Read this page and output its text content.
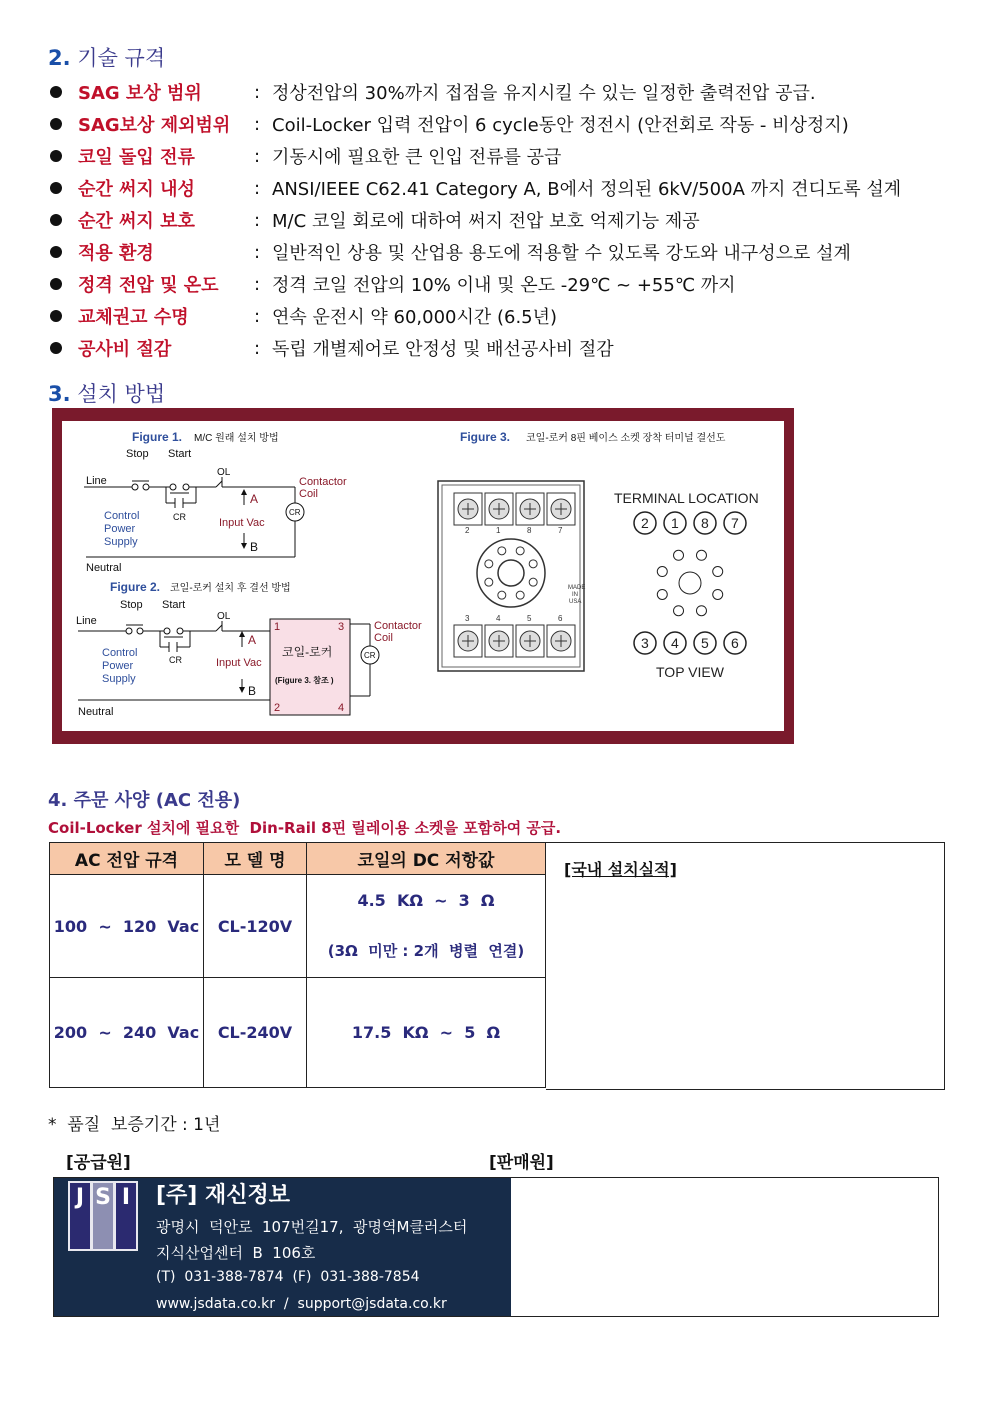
2. 기술 규격
SAG 보상 범위	: 정상전압의 30%까지 접점을 유지시킬 수 있는 일정한 출력전압 공급.
SAG보상 제외범위	: Coil-Locker 입력 전압이 6 cycle동안 정전시 (안전회로 작동 - 비상정지)
코일 돌입 전류	: 기동시에 필요한 큰 인입 전류를 공급
순간 써지 내성	: ANSI/IEEE C62.41 Category A, B에서 정의된 6kV/500A 까지 견디도록 설계
순간 써지 보호	: M/C 코일 회로에 대하여 써지 전압 보호 억제기능 제공
적용 환경	: 일반적인 상용 및 산업용 용도에 적용할 수 있도록 강도와 내구성으로 설계
정격 전압 및 온도	: 정격 코일 전압의 10% 이내 및 온도 -29℃ ~ +55℃ 까지
교체권고 수명	: 연속 운전시 약 60,000시간 (6.5년)
공사비 절감	: 독립 개별제어로 안정성 및 배선공사비 절감
3. 설치 방법
Figure 1. M/C 원래 설치 방법
Stop Start
Line
CR
OL
CR
Contactor
Coil
A
Input Vac
B
Control
Power
Supply
Neutral
Figure 2. 코일-로커 설치 후 결선 방법
Stop Start
Line
CR
OL
1	3
2	4
코일-로커
(Figure 3. 참조 )
CR
Contactor
Coil
A
Input Vac
B
Control
Power
Supply
Neutral
Figure 3. 코일-로커 8핀 베이스 소켓 장착 터미널 결선도
2	1	8	7
3	4	5	6
MADE
IN
USA
TERMINAL LOCATION
2 1 8 7
3 4 5 6
TOP VIEW
4. 주문 사양 (AC 전용)
Coil-Locker 설치에 필요한  Din-Rail 8핀 릴레이용 소켓을 포함하여 공급.
AC 전압 규격	모 델 명	코일의 DC 저항값
100  ~  120  Vac	CL-120V	4.5  KΩ  ~  3  Ω
(3Ω  미만 : 2개  병렬  연결)

200  ~  240  Vac	CL-240V	17.5  KΩ  ~  5  Ω
[국내 설치실적]
*  품질  보증기간 : 1년
[공급원]	[판매원]
J S I [주] 재신정보
광명시  덕안로  107번길17,  광명역M클러스터
지식산업센터  B  106호
(T)  031-388-7874  (F)  031-388-7854
www.jsdata.co.kr  /  support@jsdata.co.kr
